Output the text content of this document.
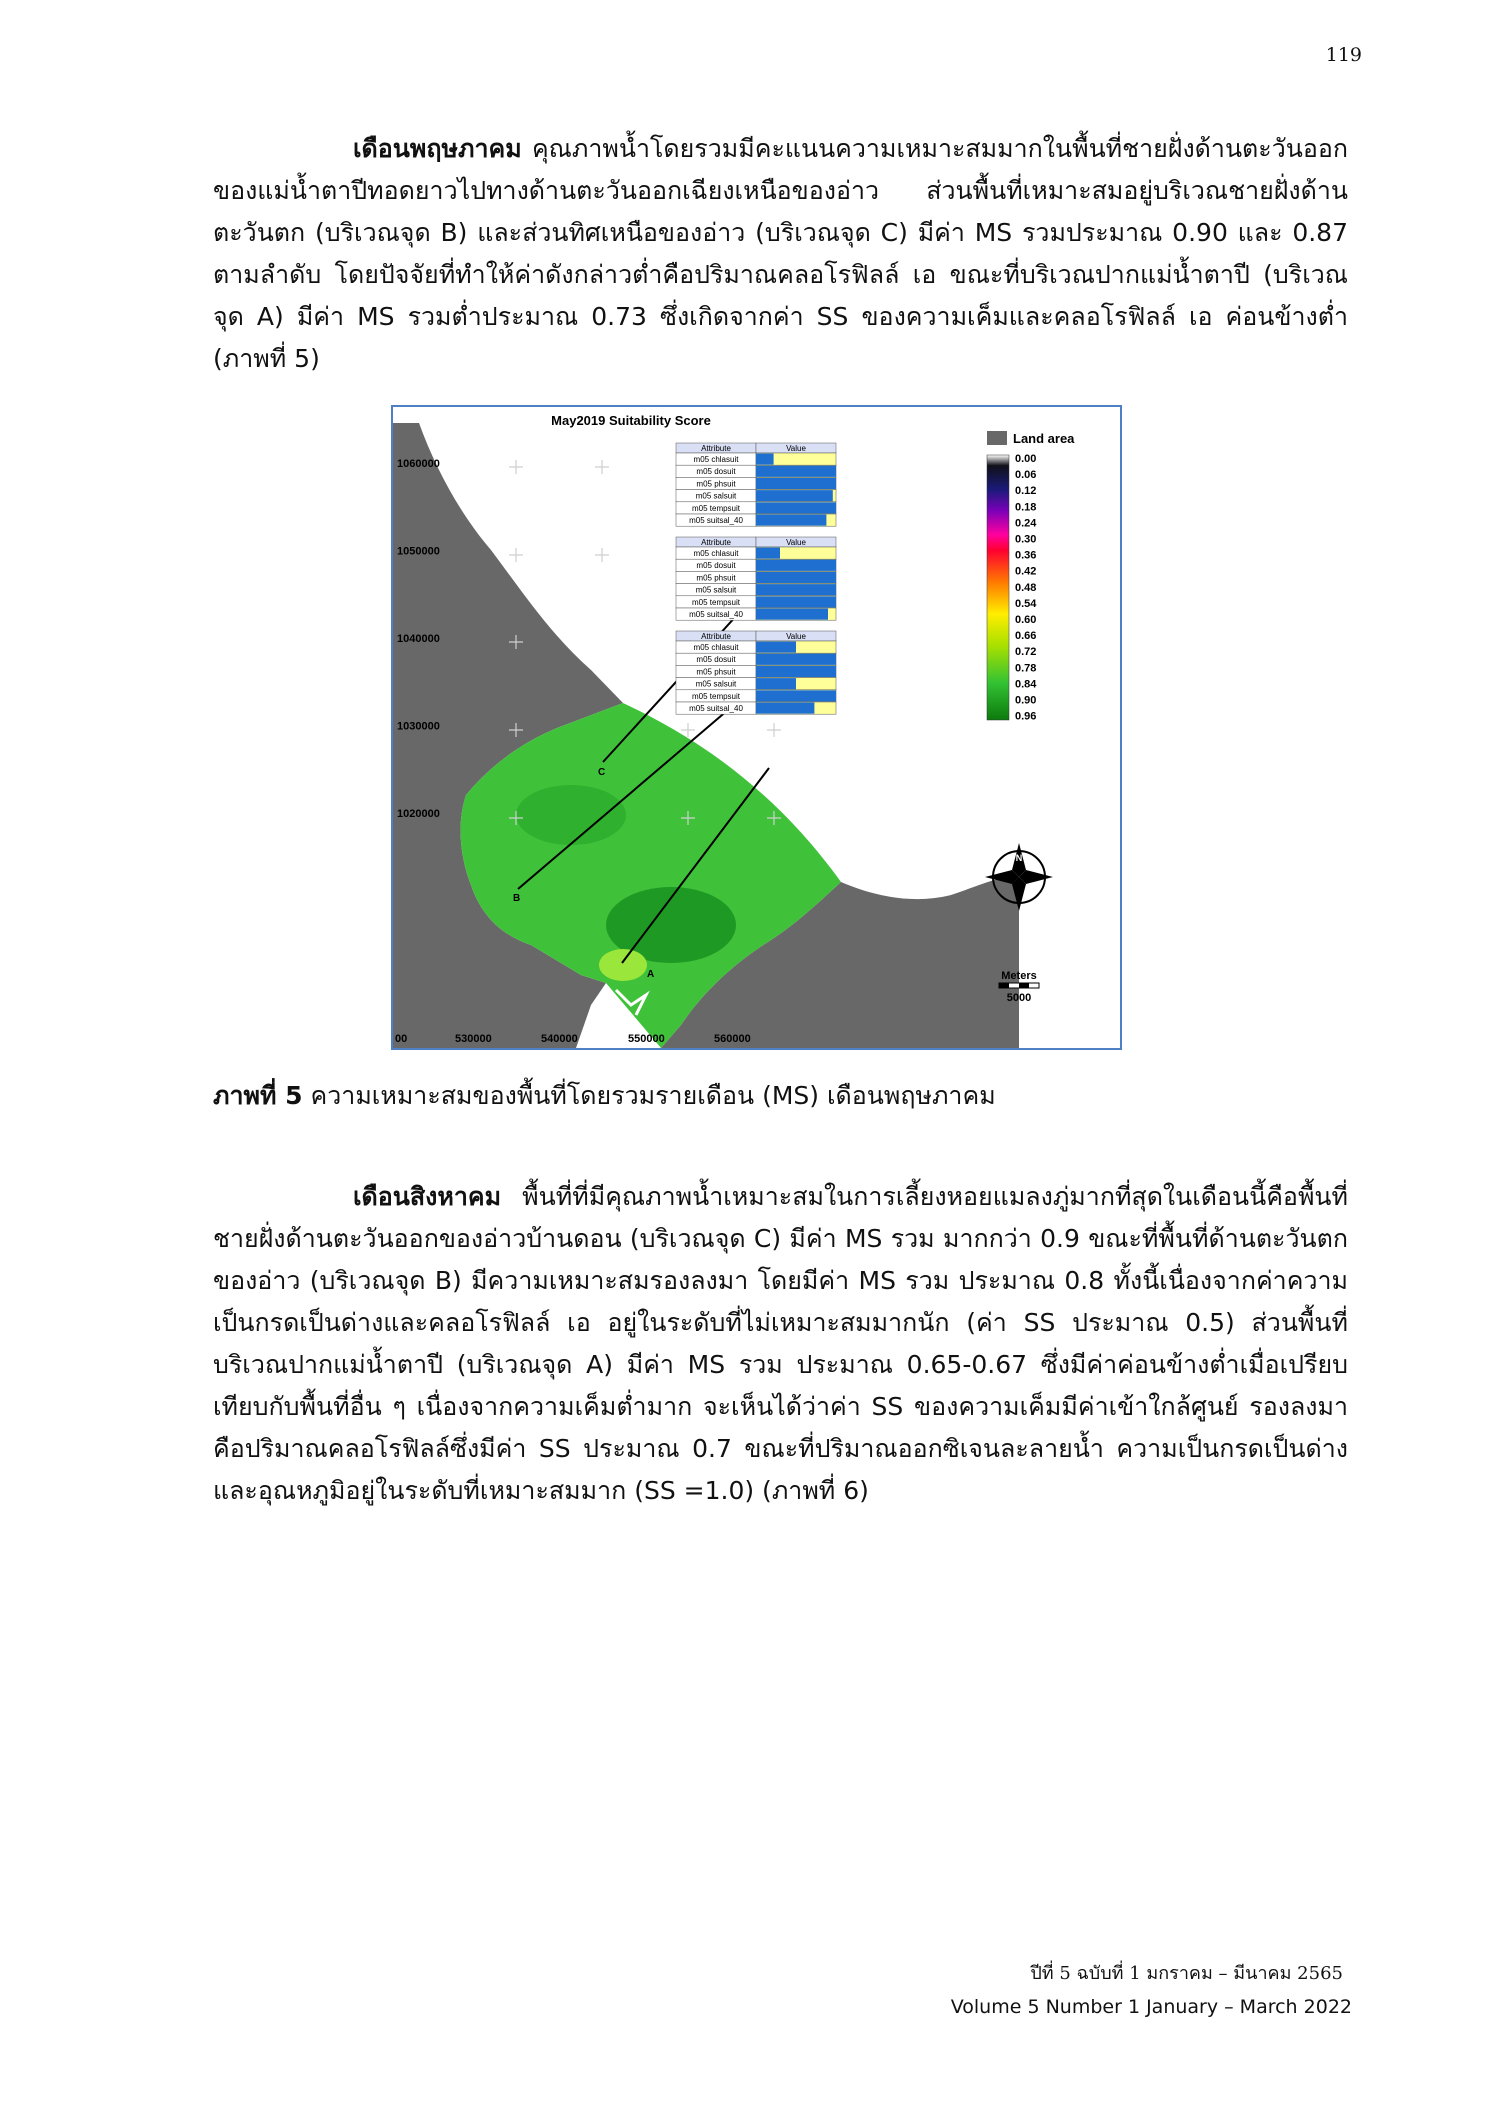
119
เดือนพฤษภาคม คุณภาพน้ำโดยรวมมีคะแนนความเหมาะสมมากในพื้นที่ชายฝั่งด้านตะวันออกของแม่น้ำตาปีทอดยาวไปทางด้านตะวันออกเฉียงเหนือของอ่าว ส่วนพื้นที่เหมาะสมอยู่บริเวณชายฝั่งด้านตะวันตก (บริเวณจุด B) และส่วนทิศเหนือของอ่าว (บริเวณจุด C) มีค่า MS รวมประมาณ 0.90 และ 0.87 ตามลำดับ โดยปัจจัยที่ทำให้ค่าดังกล่าวต่ำคือปริมาณคลอโรฟิลล์ เอ ขณะที่บริเวณปากแม่น้ำตาปี (บริเวณจุด A) มีค่า MS รวมต่ำประมาณ 0.73 ซึ่งเกิดจากค่า SS ของความเค็มและคลอโรฟิลล์ เอ ค่อนข้างต่ำ (ภาพที่ 5)
May2019 Suitability Score
Land area
0.00
0.06
0.12
0.18
0.24
0.30
0.36
0.42
0.48
0.54
0.60
0.66
0.72
0.78
0.84
0.90
0.96
1060000
1050000
1040000
1030000
1020000
00	530000	540000	550000	560000
C
B
A
Attribute	Value
m05 chlasuit
m05 dosuit
m05 phsuit
m05 salsuit
m05 tempsuit
m05 suitsal_40
Attribute	Value
m05 chlasuit
m05 dosuit
m05 phsuit
m05 salsuit
m05 tempsuit
m05 suitsal_40
Attribute	Value
m05 chlasuit
m05 dosuit
m05 phsuit
m05 salsuit
m05 tempsuit
m05 suitsal_40
N
Meters
5000
ภาพที่ 5 ความเหมาะสมของพื้นที่โดยรวมรายเดือน (MS) เดือนพฤษภาคม
เดือนสิงหาคม พื้นที่ที่มีคุณภาพน้ำเหมาะสมในการเลี้ยงหอยแมลงภู่มากที่สุดในเดือนนี้คือพื้นที่ชายฝั่งด้านตะวันออกของอ่าวบ้านดอน (บริเวณจุด C) มีค่า MS รวม มากกว่า 0.9 ขณะที่พื้นที่ด้านตะวันตกของอ่าว (บริเวณจุด B) มีความเหมาะสมรองลงมา โดยมีค่า MS รวม ประมาณ 0.8 ทั้งนี้เนื่องจากค่าความเป็นกรดเป็นด่างและคลอโรฟิลล์ เอ อยู่ในระดับที่ไม่เหมาะสมมากนัก (ค่า SS ประมาณ 0.5) ส่วนพื้นที่บริเวณปากแม่น้ำตาปี (บริเวณจุด A) มีค่า MS รวม ประมาณ 0.65-0.67 ซึ่งมีค่าค่อนข้างต่ำเมื่อเปรียบเทียบกับพื้นที่อื่น ๆ เนื่องจากความเค็มต่ำมาก จะเห็นได้ว่าค่า SS ของความเค็มมีค่าเข้าใกล้ศูนย์ รองลงมาคือปริมาณคลอโรฟิลล์ซึ่งมีค่า SS ประมาณ 0.7 ขณะที่ปริมาณออกซิเจนละลายน้ำ ความเป็นกรดเป็นด่าง และอุณหภูมิอยู่ในระดับที่เหมาะสมมาก (SS =1.0) (ภาพที่ 6)
ปีที่ 5 ฉบับที่ 1 มกราคม – มีนาคม 2565
Volume 5 Number 1 January – March 2022
